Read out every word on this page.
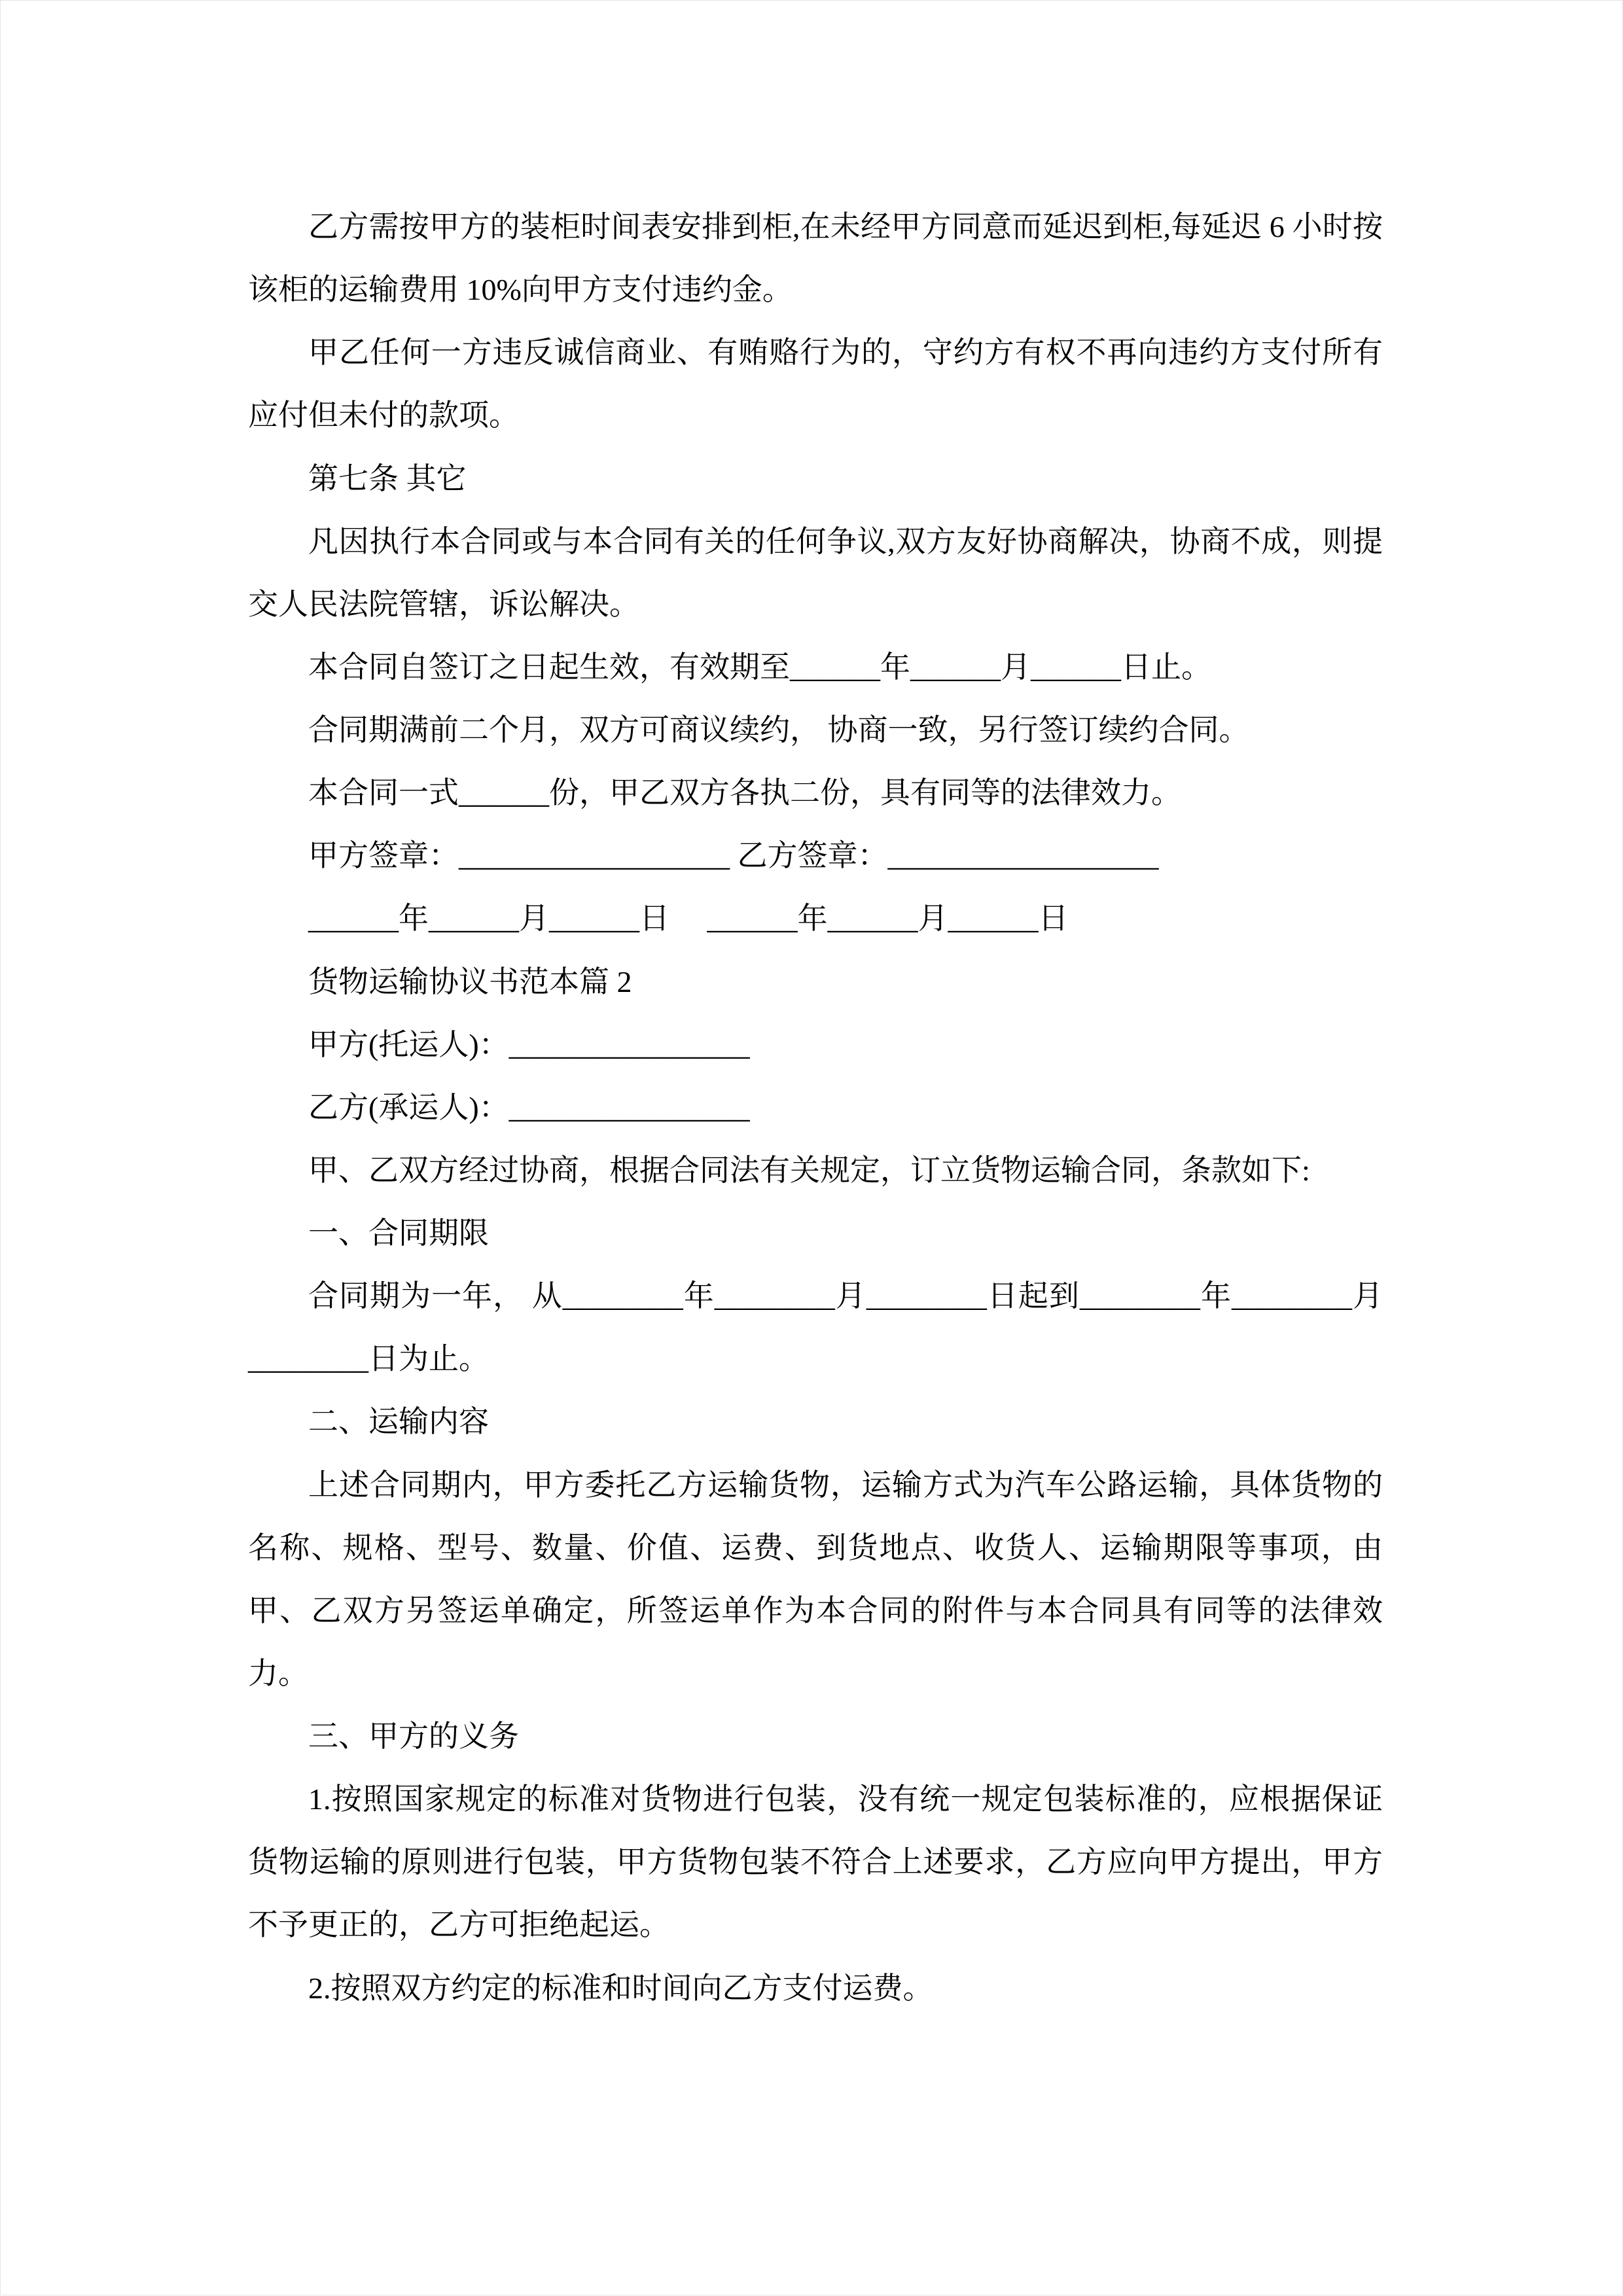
乙方需按甲方的装柜时间表安排到柜,在未经甲方同意而延迟到柜,每延迟 6 小时按该柜的运输费用 10%向甲方支付违约金。

甲乙任何一方违反诚信商业、有贿赂行为的，守约方有权不再向违约方支付所有应付但未付的款项。

第七条 其它

凡因执行本合同或与本合同有关的任何争议,双方友好协商解决，协商不成，则提交人民法院管辖，诉讼解决。

本合同自签订之日起生效，有效期至______年______月______日止。

合同期满前二个月，双方可商议续约， 协商一致，另行签订续约合同。

本合同一式______份，甲乙双方各执二份，具有同等的法律效力。

甲方签章：__________________ 乙方签章：__________________

______年______月______日 　______年______月______日

货物运输协议书范本篇 2

甲方(托运人)：________________

乙方(承运人)：________________

甲、乙双方经过协商，根据合同法有关规定，订立货物运输合同，条款如下:

一、合同期限

合同期为一年， 从________年________月________日起到________年________月________日为止。

二、运输内容

上述合同期内，甲方委托乙方运输货物，运输方式为汽车公路运输，具体货物的名称、规格、型号、数量、价值、运费、到货地点、收货人、运输期限等事项，由甲、乙双方另签运单确定，所签运单作为本合同的附件与本合同具有同等的法律效力。

三、甲方的义务

1.按照国家规定的标准对货物进行包装，没有统一规定包装标准的，应根据保证货物运输的原则进行包装，甲方货物包装不符合上述要求，乙方应向甲方提出，甲方不予更正的，乙方可拒绝起运。

2.按照双方约定的标准和时间向乙方支付运费。
